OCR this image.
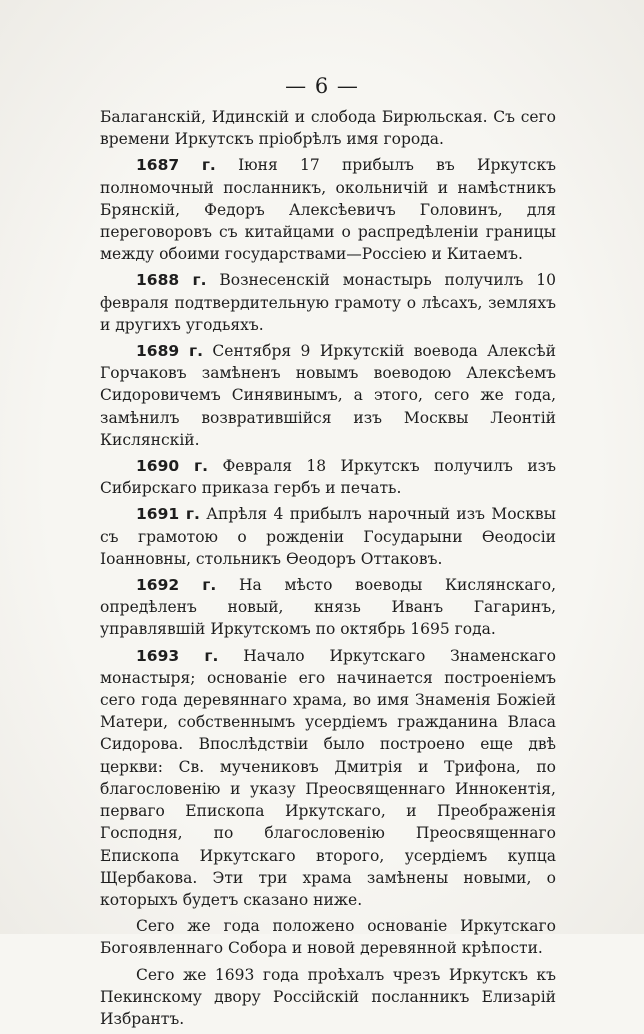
— 6 —

Балаганскій, Идинскій и слобода Бирюльская. Съ сего времени Иркутскъ пріобрѣлъ имя города.

1687 г. Іюня 17 прибылъ въ Иркутскъ полномочный посланникъ, окольничій и намѣстникъ Брянскій, Федоръ Алексѣевичъ Головинъ, для переговоровъ съ китайцами о распредѣленіи границы между обоими государствами—Россіею и Китаемъ.

1688 г. Вознесенскій монастырь получилъ 10 февраля подтвердительную грамоту о лѣсахъ, земляхъ и другихъ угодьяхъ.

1689 г. Сентября 9 Иркутскій воевода Алексѣй Горчаковъ замѣненъ новымъ воеводою Алексѣемъ Сидоровичемъ Синявинымъ, а этого, сего же года, замѣнилъ возвратившійся изъ Москвы Леонтій Кислянскій.

1690 г. Февраля 18 Иркутскъ получилъ изъ Сибирскаго приказа гербъ и печать.

1691 г. Апрѣля 4 прибылъ нарочный изъ Москвы съ грамотою о рожденіи Государыни Ѳеодосіи Іоанновны, стольникъ Ѳеодоръ Оттаковъ.

1692 г. На мѣсто воеводы Кислянскаго, опредѣленъ новый, князь Иванъ Гагаринъ, управлявшій Иркутскомъ по октябрь 1695 года.

1693 г. Начало Иркутскаго Знаменскаго монастыря; основаніе его начинается построеніемъ сего года деревяннаго храма, во имя Знаменія Божіей Матери, собственнымъ усердіемъ гражданина Власа Сидорова. Впослѣдствіи было построено еще двѣ церкви: Св. мучениковъ Дмитрія и Трифона, по благословенію и указу Преосвященнаго Иннокентія, перваго Епископа Иркутскаго, и Преображенія Господня, по благословенію Преосвященнаго Епископа Иркутскаго второго, усердіемъ купца Щербакова. Эти три храма замѣнены новыми, о которыхъ будетъ сказано ниже.

Сего же года положено основаніе Иркутскаго Богоявленнаго Собора и новой деревянной крѣпости.

Сего же 1693 года проѣхалъ чрезъ Иркутскъ къ Пекинскому двору Россійскій посланникъ Елизарій Избрантъ.
